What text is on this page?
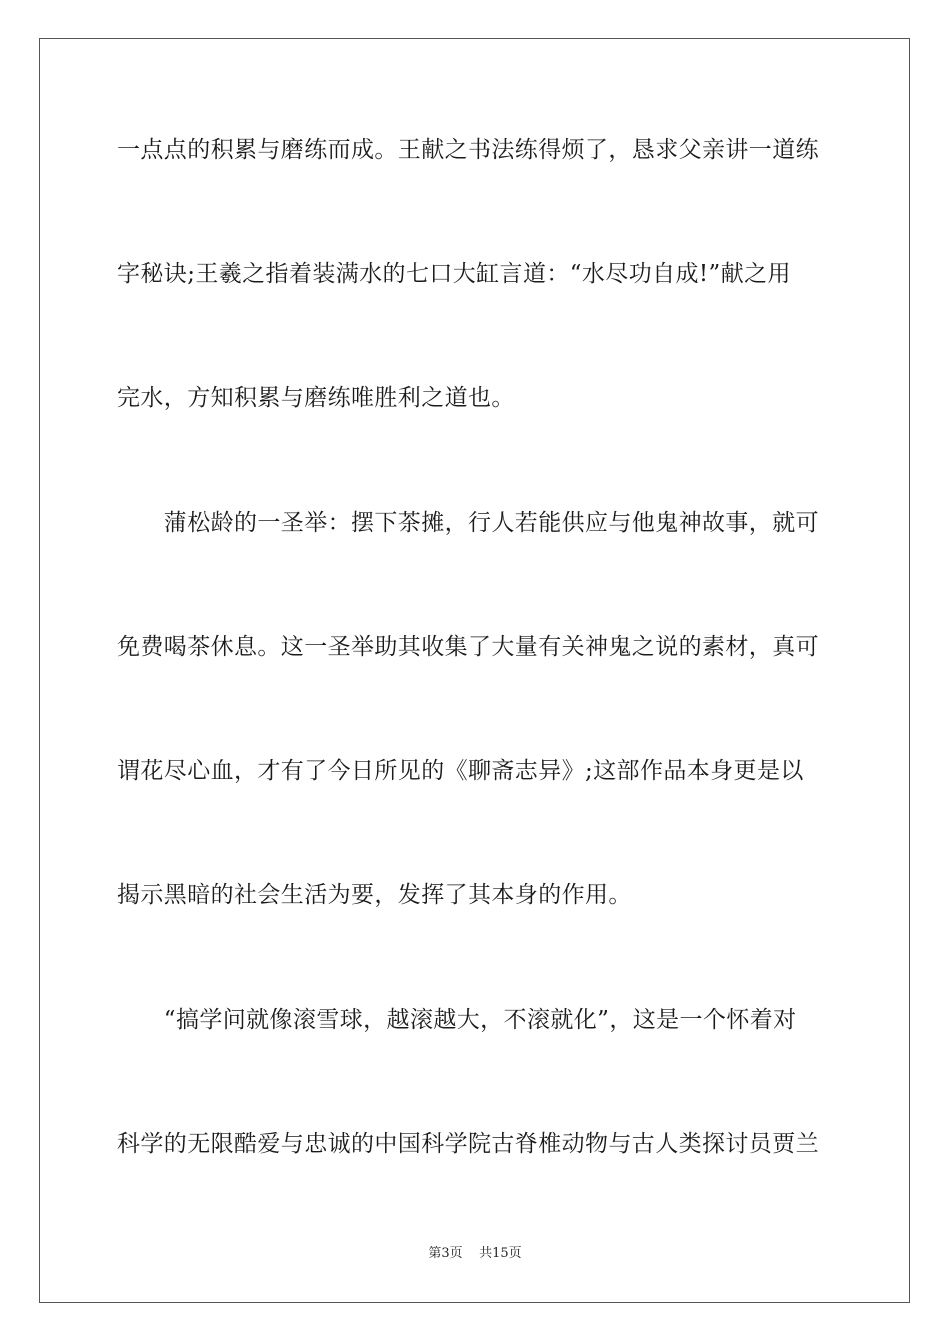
一点点的积累与磨练而成。王献之书法练得烦了，恳求父亲讲一道练
字秘诀;王羲之指着装满水的七口大缸言道：“水尽功自成!”献之用
完水，方知积累与磨练唯胜利之道也。
　　蒲松龄的一圣举：摆下茶摊，行人若能供应与他鬼神故事，就可
免费喝茶休息。这一圣举助其收集了大量有关神鬼之说的素材，真可
谓花尽心血，才有了今日所见的《聊斋志异》;这部作品本身更是以
揭示黑暗的社会生活为要，发挥了其本身的作用。
　　“搞学问就像滚雪球，越滚越大，不滚就化”，这是一个怀着对
科学的无限酷爱与忠诚的中国科学院古脊椎动物与古人类探讨员贾兰
第3页 共15页
